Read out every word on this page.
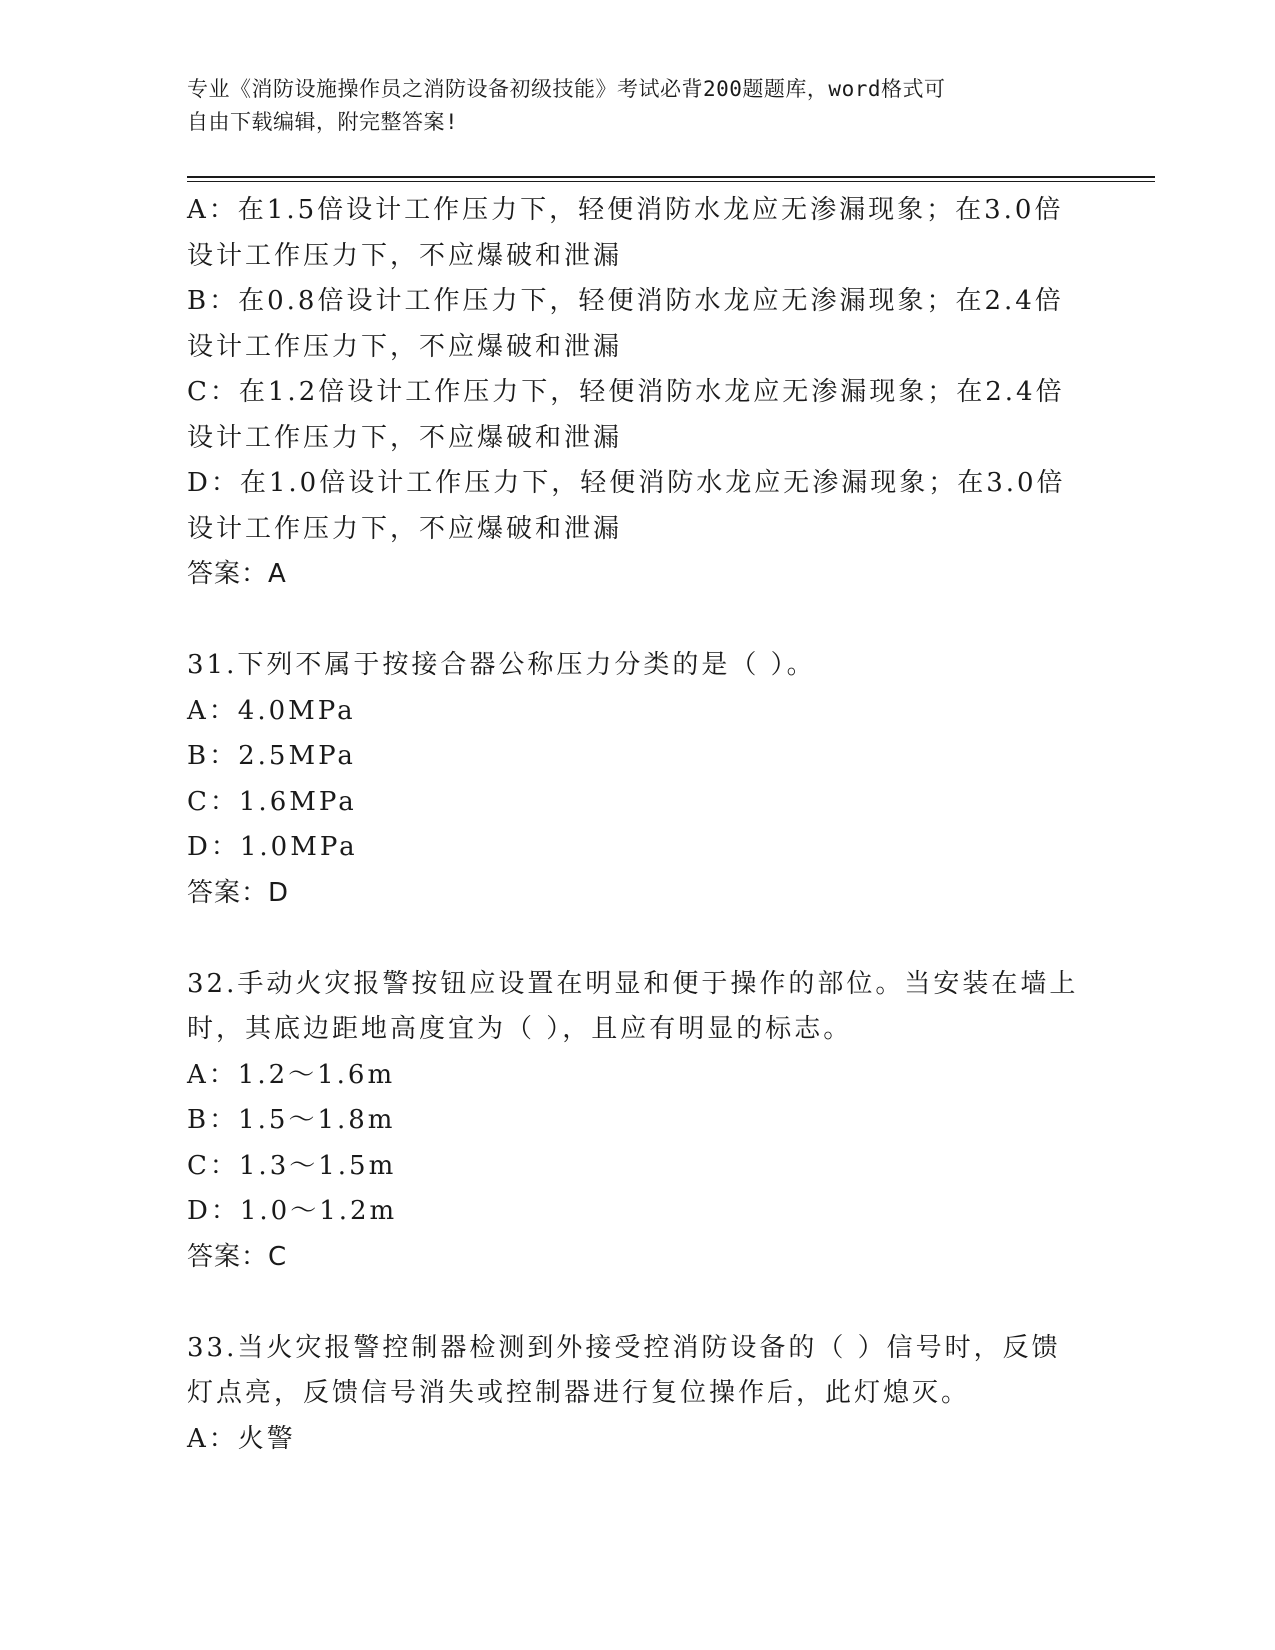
专业《消防设施操作员之消防设备初级技能》考试必背200题题库，word格式可
自由下载编辑，附完整答案!
A：在1.5倍设计工作压力下，轻便消防水龙应无渗漏现象；在3.0倍
设计工作压力下，不应爆破和泄漏
B：在0.8倍设计工作压力下，轻便消防水龙应无渗漏现象；在2.4倍
设计工作压力下，不应爆破和泄漏
C：在1.2倍设计工作压力下，轻便消防水龙应无渗漏现象；在2.4倍
设计工作压力下，不应爆破和泄漏
D：在1.0倍设计工作压力下，轻便消防水龙应无渗漏现象；在3.0倍
设计工作压力下，不应爆破和泄漏
答案：A
31.下列不属于按接合器公称压力分类的是（ ）。
A：4.0MPa
B：2.5MPa
C：1.6MPa
D：1.0MPa
答案：D
32.手动火灾报警按钮应设置在明显和便于操作的部位。当安装在墙上
时，其底边距地高度宜为（ ），且应有明显的标志。
A：1.2～1.6m
B：1.5～1.8m
C：1.3～1.5m
D：1.0～1.2m
答案：C
33.当火灾报警控制器检测到外接受控消防设备的（ ）信号时，反馈
灯点亮，反馈信号消失或控制器进行复位操作后，此灯熄灭。
A：火警
